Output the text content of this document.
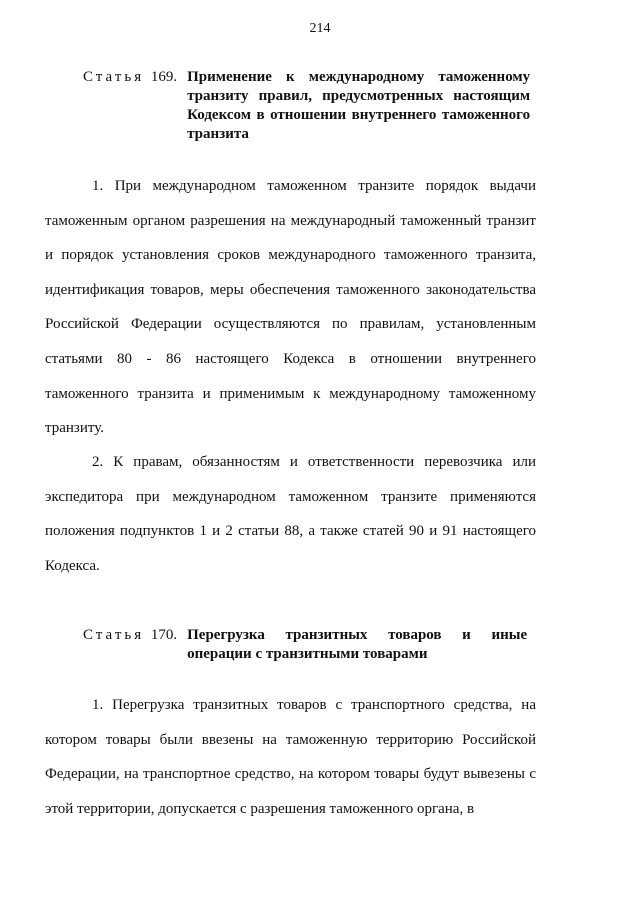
214
Статья 169. Применение к международному таможенному транзиту правил, предусмотренных настоящим Кодексом в отношении внутреннего таможенного транзита

1. При международном таможенном транзите порядок выдачи таможенным органом разрешения на международный таможенный транзит и порядок установления сроков международного таможенного транзита, идентификация товаров, меры обеспечения таможенного законодательства Российской Федерации осуществляются по правилам, установленным статьями 80 - 86 настоящего Кодекса в отношении внутреннего таможенного транзита и применимым к международному таможенному транзиту.

2. К правам, обязанностям и ответственности перевозчика или экспедитора при международном таможенном транзите применяются положения подпунктов 1 и 2 статьи 88, а также статей 90 и 91 настоящего Кодекса.

Статья 170. Перегрузка транзитных товаров и иные операции с транзитными товарами

1. Перегрузка транзитных товаров с транспортного средства, на котором товары были ввезены на таможенную территорию Российской Федерации, на транспортное средство, на котором товары будут вывезены с этой территории, допускается с разрешения таможенного органа, в
